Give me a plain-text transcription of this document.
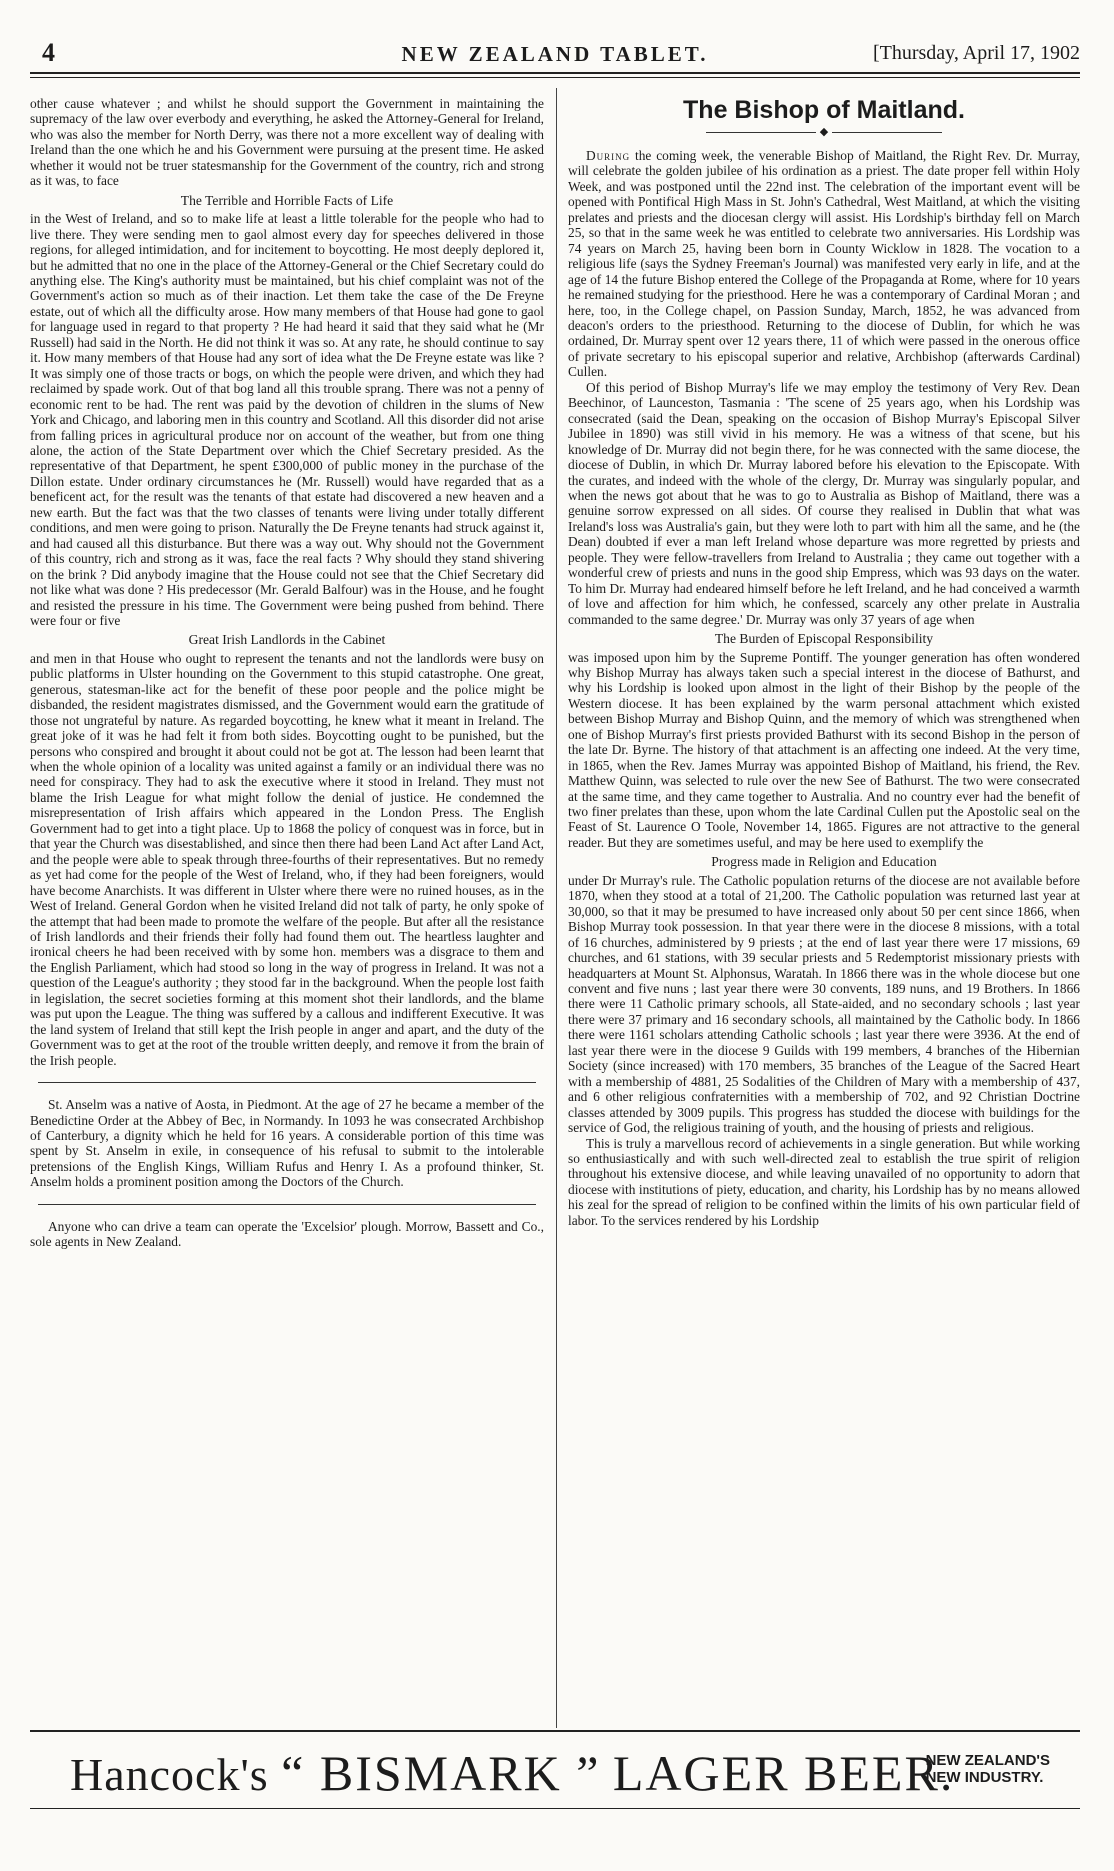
4	NEW ZEALAND TABLET.	[Thursday, April 17, 1902

other cause whatever ; and whilst he should support the Government in maintaining the supremacy of the law over everbody and everything, he asked the Attorney-General for Ireland, who was also the member for North Derry, was there not a more excellent way of dealing with Ireland than the one which he and his Government were pursuing at the present time. He asked whether it would not be truer statesmanship for the Government of the country, rich and strong as it was, to face

The Terrible and Horrible Facts of Life

in the West of Ireland, and so to make life at least a little tolerable for the people who had to live there. They were sending men to gaol almost every day for speeches delivered in those regions, for alleged intimidation, and for incitement to boycotting. He most deeply deplored it, but he admitted that no one in the place of the Attorney-General or the Chief Secretary could do anything else. The King's authority must be maintained, but his chief complaint was not of the Government's action so much as of their inaction. Let them take the case of the De Freyne estate, out of which all the difficulty arose. How many members of that House had gone to gaol for language used in regard to that property ? He had heard it said that they said what he (Mr Russell) had said in the North. He did not think it was so. At any rate, he should continue to say it. How many members of that House had any sort of idea what the De Freyne estate was like ? It was simply one of those tracts or bogs, on which the people were driven, and which they had reclaimed by spade work. Out of that bog land all this trouble sprang. There was not a penny of economic rent to be had. The rent was paid by the devotion of children in the slums of New York and Chicago, and laboring men in this country and Scotland. All this disorder did not arise from falling prices in agricultural produce nor on account of the weather, but from one thing alone, the action of the State Department over which the Chief Secretary presided. As the representative of that Department, he spent £300,000 of public money in the purchase of the Dillon estate. Under ordinary circumstances he (Mr. Russell) would have regarded that as a beneficent act, for the result was the tenants of that estate had discovered a new heaven and a new earth. But the fact was that the two classes of tenants were living under totally different conditions, and men were going to prison. Naturally the De Freyne tenants had struck against it, and had caused all this disturbance. But there was a way out. Why should not the Government of this country, rich and strong as it was, face the real facts ? Why should they stand shivering on the brink ? Did anybody imagine that the House could not see that the Chief Secretary did not like what was done ? His predecessor (Mr. Gerald Balfour) was in the House, and he fought and resisted the pressure in his time. The Government were being pushed from behind. There were four or five

Great Irish Landlords in the Cabinet

and men in that House who ought to represent the tenants and not the landlords were busy on public platforms in Ulster hounding on the Government to this stupid catastrophe. One great, generous, statesman-like act for the benefit of these poor people and the police might be disbanded, the resident magistrates dismissed, and the Government would earn the gratitude of those not ungrateful by nature. As regarded boycotting, he knew what it meant in Ireland. The great joke of it was he had felt it from both sides. Boycotting ought to be punished, but the persons who conspired and brought it about could not be got at. The lesson had been learnt that when the whole opinion of a locality was united against a family or an individual there was no need for conspiracy. They had to ask the executive where it stood in Ireland. They must not blame the Irish League for what might follow the denial of justice. He condemned the misrepresentation of Irish affairs which appeared in the London Press. The English Government had to get into a tight place. Up to 1868 the policy of conquest was in force, but in that year the Church was disestablished, and since then there had been Land Act after Land Act, and the people were able to speak through three-fourths of their representatives. But no remedy as yet had come for the people of the West of Ireland, who, if they had been foreigners, would have become Anarchists. It was different in Ulster where there were no ruined houses, as in the West of Ireland. General Gordon when he visited Ireland did not talk of party, he only spoke of the attempt that had been made to promote the welfare of the people. But after all the resistance of Irish landlords and their friends their folly had found them out. The heartless laughter and ironical cheers he had been received with by some hon. members was a disgrace to them and the English Parliament, which had stood so long in the way of progress in Ireland. It was not a question of the League's authority ; they stood far in the background. When the people lost faith in legislation, the secret societies forming at this moment shot their landlords, and the blame was put upon the League. The thing was suffered by a callous and indifferent Executive. It was the land system of Ireland that still kept the Irish people in anger and apart, and the duty of the Government was to get at the root of the trouble written deeply, and remove it from the brain of the Irish people.

St. Anselm was a native of Aosta, in Piedmont. At the age of 27 he became a member of the Benedictine Order at the Abbey of Bec, in Normandy. In 1093 he was consecrated Archbishop of Canterbury, a dignity which he held for 16 years. A considerable portion of this time was spent by St. Anselm in exile, in consequence of his refusal to submit to the intolerable pretensions of the English Kings, William Rufus and Henry I. As a profound thinker, St. Anselm holds a prominent position among the Doctors of the Church.

Anyone who can drive a team can operate the 'Excelsior' plough. Morrow, Bassett and Co., sole agents in New Zealand.

The Bishop of Maitland.
◆

During the coming week, the venerable Bishop of Maitland, the Right Rev. Dr. Murray, will celebrate the golden jubilee of his ordination as a priest. The date proper fell within Holy Week, and was postponed until the 22nd inst. The celebration of the important event will be opened with Pontifical High Mass in St. John's Cathedral, West Maitland, at which the visiting prelates and priests and the diocesan clergy will assist. His Lordship's birthday fell on March 25, so that in the same week he was entitled to celebrate two anniversaries. His Lordship was 74 years on March 25, having been born in County Wicklow in 1828. The vocation to a religious life (says the Sydney Freeman's Journal) was manifested very early in life, and at the age of 14 the future Bishop entered the College of the Propaganda at Rome, where for 10 years he remained studying for the priesthood. Here he was a contemporary of Cardinal Moran ; and here, too, in the College chapel, on Passion Sunday, March, 1852, he was advanced from deacon's orders to the priesthood. Returning to the diocese of Dublin, for which he was ordained, Dr. Murray spent over 12 years there, 11 of which were passed in the onerous office of private secretary to his episcopal superior and relative, Archbishop (afterwards Cardinal) Cullen.

Of this period of Bishop Murray's life we may employ the testimony of Very Rev. Dean Beechinor, of Launceston, Tasmania : 'The scene of 25 years ago, when his Lordship was consecrated (said the Dean, speaking on the occasion of Bishop Murray's Episcopal Silver Jubilee in 1890) was still vivid in his memory. He was a witness of that scene, but his knowledge of Dr. Murray did not begin there, for he was connected with the same diocese, the diocese of Dublin, in which Dr. Murray labored before his elevation to the Episcopate. With the curates, and indeed with the whole of the clergy, Dr. Murray was singularly popular, and when the news got about that he was to go to Australia as Bishop of Maitland, there was a genuine sorrow expressed on all sides. Of course they realised in Dublin that what was Ireland's loss was Australia's gain, but they were loth to part with him all the same, and he (the Dean) doubted if ever a man left Ireland whose departure was more regretted by priests and people. They were fellow-travellers from Ireland to Australia ; they came out together with a wonderful crew of priests and nuns in the good ship Empress, which was 93 days on the water. To him Dr. Murray had endeared himself before he left Ireland, and he had conceived a warmth of love and affection for him which, he confessed, scarcely any other prelate in Australia commanded to the same degree.' Dr. Murray was only 37 years of age when

The Burden of Episcopal Responsibility

was imposed upon him by the Supreme Pontiff. The younger generation has often wondered why Bishop Murray has always taken such a special interest in the diocese of Bathurst, and why his Lordship is looked upon almost in the light of their Bishop by the people of the Western diocese. It has been explained by the warm personal attachment which existed between Bishop Murray and Bishop Quinn, and the memory of which was strengthened when one of Bishop Murray's first priests provided Bathurst with its second Bishop in the person of the late Dr. Byrne. The history of that attachment is an affecting one indeed. At the very time, in 1865, when the Rev. James Murray was appointed Bishop of Maitland, his friend, the Rev. Matthew Quinn, was selected to rule over the new See of Bathurst. The two were consecrated at the same time, and they came together to Australia. And no country ever had the benefit of two finer prelates than these, upon whom the late Cardinal Cullen put the Apostolic seal on the Feast of St. Laurence O Toole, November 14, 1865. Figures are not attractive to the general reader. But they are sometimes useful, and may be here used to exemplify the

Progress made in Religion and Education

under Dr Murray's rule. The Catholic population returns of the diocese are not available before 1870, when they stood at a total of 21,200. The Catholic population was returned last year at 30,000, so that it may be presumed to have increased only about 50 per cent since 1866, when Bishop Murray took possession. In that year there were in the diocese 8 missions, with a total of 16 churches, administered by 9 priests ; at the end of last year there were 17 missions, 69 churches, and 61 stations, with 39 secular priests and 5 Redemptorist missionary priests with headquarters at Mount St. Alphonsus, Waratah. In 1866 there was in the whole diocese but one convent and five nuns ; last year there were 30 convents, 189 nuns, and 19 Brothers. In 1866 there were 11 Catholic primary schools, all State-aided, and no secondary schools ; last year there were 37 primary and 16 secondary schools, all maintained by the Catholic body. In 1866 there were 1161 scholars attending Catholic schools ; last year there were 3936. At the end of last year there were in the diocese 9 Guilds with 199 members, 4 branches of the Hibernian Society (since increased) with 170 members, 35 branches of the League of the Sacred Heart with a membership of 4881, 25 Sodalities of the Children of Mary with a membership of 437, and 6 other religious confraternities with a membership of 702, and 92 Christian Doctrine classes attended by 3009 pupils. This progress has studded the diocese with buildings for the service of God, the religious training of youth, and the housing of priests and religious.

This is truly a marvellous record of achievements in a single generation. But while working so enthusiastically and with such well-directed zeal to establish the true spirit of religion throughout his extensive diocese, and while leaving unavailed of no opportunity to adorn that diocese with institutions of piety, education, and charity, his Lordship has by no means allowed his zeal for the spread of religion to be confined within the limits of his own particular field of labor. To the services rendered by his Lordship

Hancock's “ BISMARK ” LAGER BEER.
NEW ZEALAND'S
NEW INDUSTRY.
